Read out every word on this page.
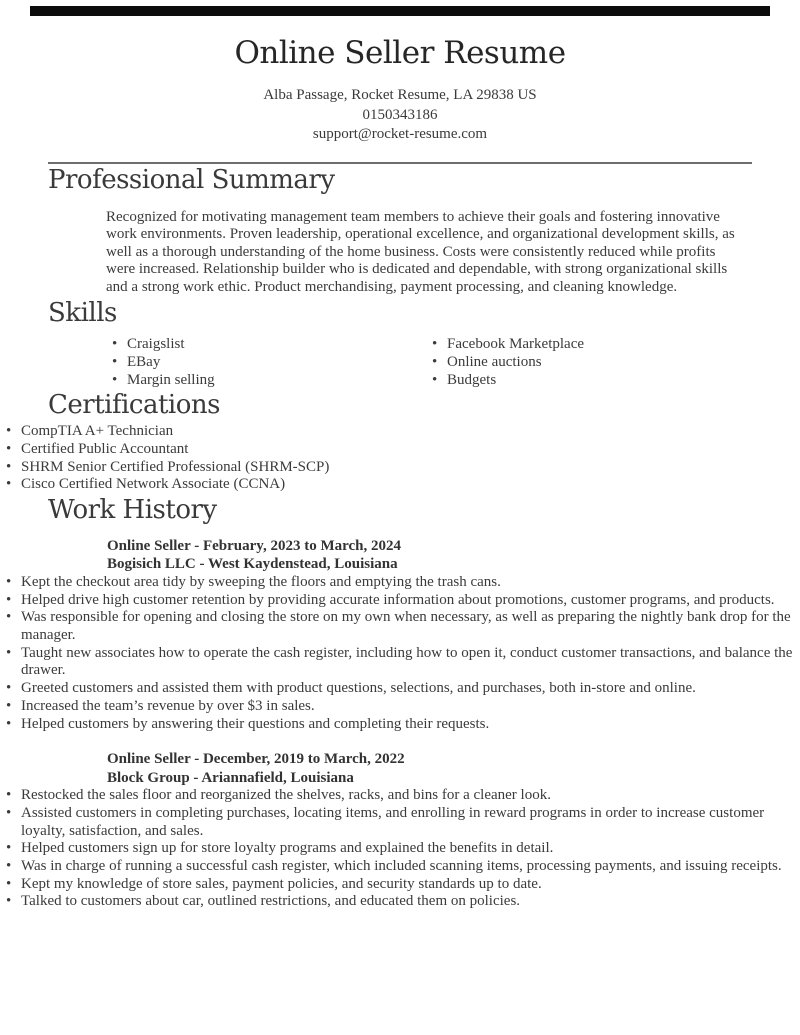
Online Seller Resume
Alba Passage, Rocket Resume, LA 29838 US
0150343186
support@rocket-resume.com
Professional Summary

Recognized for motivating management team members to achieve their goals and fostering innovative work environments. Proven leadership, operational excellence, and organizational development skills, as well as a thorough understanding of the home business. Costs were consistently reduced while profits were increased. Relationship builder who is dedicated and dependable, with strong organizational skills and a strong work ethic. Product merchandising, payment processing, and cleaning knowledge.

Skills
• Craigslist
• EBay
• Margin selling
• Facebook Marketplace
• Online auctions
• Budgets
Certifications
• CompTIA A+ Technician
• Certified Public Accountant
• SHRM Senior Certified Professional (SHRM-SCP)
• Cisco Certified Network Associate (CCNA)
Work History
Online Seller - February, 2023 to March, 2024
Bogisich LLC - West Kaydenstead, Louisiana
• Kept the checkout area tidy by sweeping the floors and emptying the trash cans.
• Helped drive high customer retention by providing accurate information about promotions, customer programs, and products.
• Was responsible for opening and closing the store on my own when necessary, as well as preparing the nightly bank drop for the manager.
• Taught new associates how to operate the cash register, including how to open it, conduct customer transactions, and balance the drawer.
• Greeted customers and assisted them with product questions, selections, and purchases, both in-store and online.
• Increased the team’s revenue by over $3 in sales.
• Helped customers by answering their questions and completing their requests.
Online Seller - December, 2019 to March, 2022
Block Group - Ariannafield, Louisiana
• Restocked the sales floor and reorganized the shelves, racks, and bins for a cleaner look.
• Assisted customers in completing purchases, locating items, and enrolling in reward programs in order to increase customer loyalty, satisfaction, and sales.
• Helped customers sign up for store loyalty programs and explained the benefits in detail.
• Was in charge of running a successful cash register, which included scanning items, processing payments, and issuing receipts.
• Kept my knowledge of store sales, payment policies, and security standards up to date.
• Talked to customers about car, outlined restrictions, and educated them on policies.
